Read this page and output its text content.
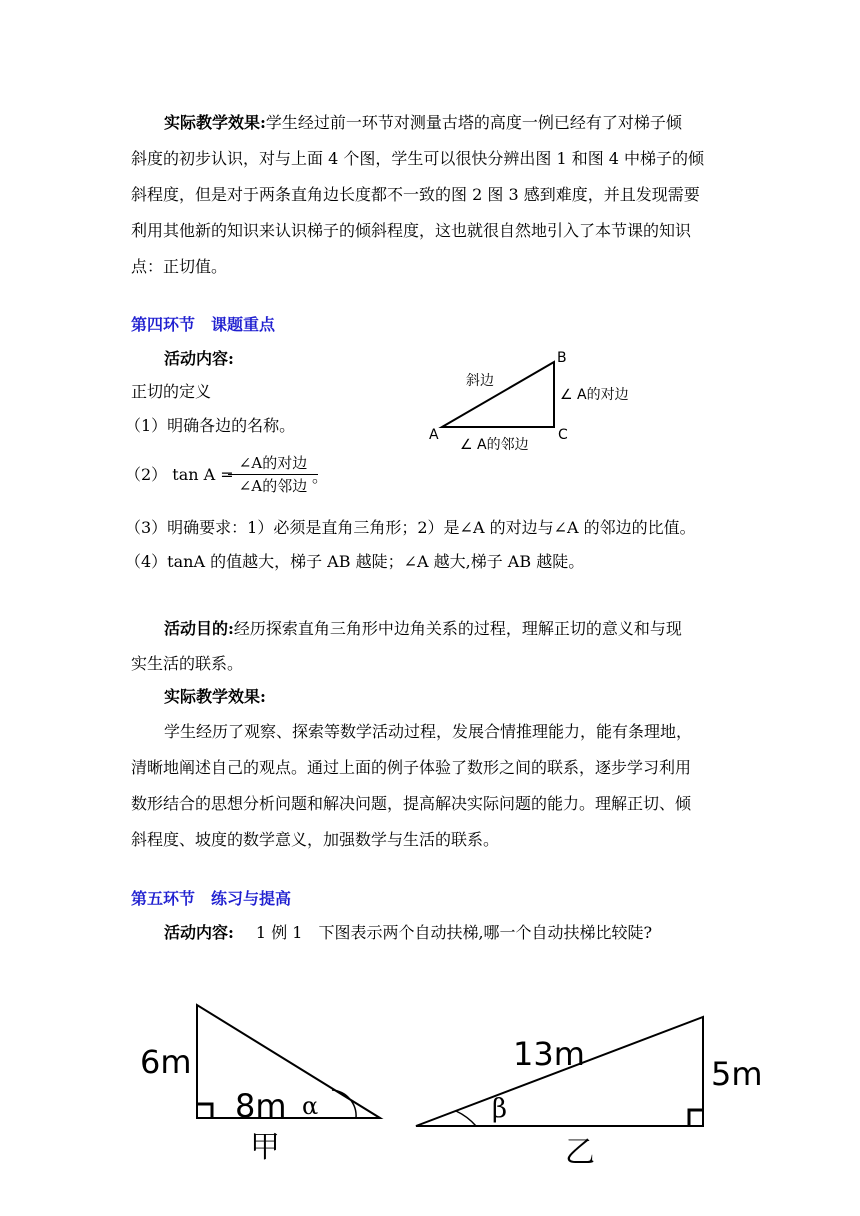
实际教学效果:学生经过前一环节对测量古塔的高度一例已经有了对梯子倾
斜度的初步认识，对与上面 4 个图，学生可以很快分辨出图 1 和图 4 中梯子的倾
斜程度，但是对于两条直角边长度都不一致的图 2 图 3 感到难度，并且发现需要
利用其他新的知识来认识梯子的倾斜程度，这也就很自然地引入了本节课的知识
点：正切值。
第四环节　课题重点
活动内容:
正切的定义
（1）明确各边的名称。
（2） tan A =
∠A的对边
∠A的邻边 。
（3）明确要求：1）必须是直角三角形；2）是∠A 的对边与∠A 的邻边的比值。
（4）tanA 的值越大，梯子 AB 越陡；∠A 越大,梯子 AB 越陡。
B
斜边
∠ A的对边
A	C
∠ A的邻边
活动目的:经历探索直角三角形中边角关系的过程，理解正切的意义和与现
实生活的联系。
实际教学效果:
学生经历了观察、探索等数学活动过程，发展合情推理能力，能有条理地，
清晰地阐述自己的观点。通过上面的例子体验了数形之间的联系，逐步学习利用
数形结合的思想分析问题和解决问题，提高解决实际问题的能力。理解正切、倾
斜程度、坡度的数学意义，加强数学与生活的联系。
第五环节　练习与提高
活动内容: 1 例 1　下图表示两个自动扶梯,哪一个自动扶梯比较陡?
6m
8m α
甲
13m
5m
β
乙
